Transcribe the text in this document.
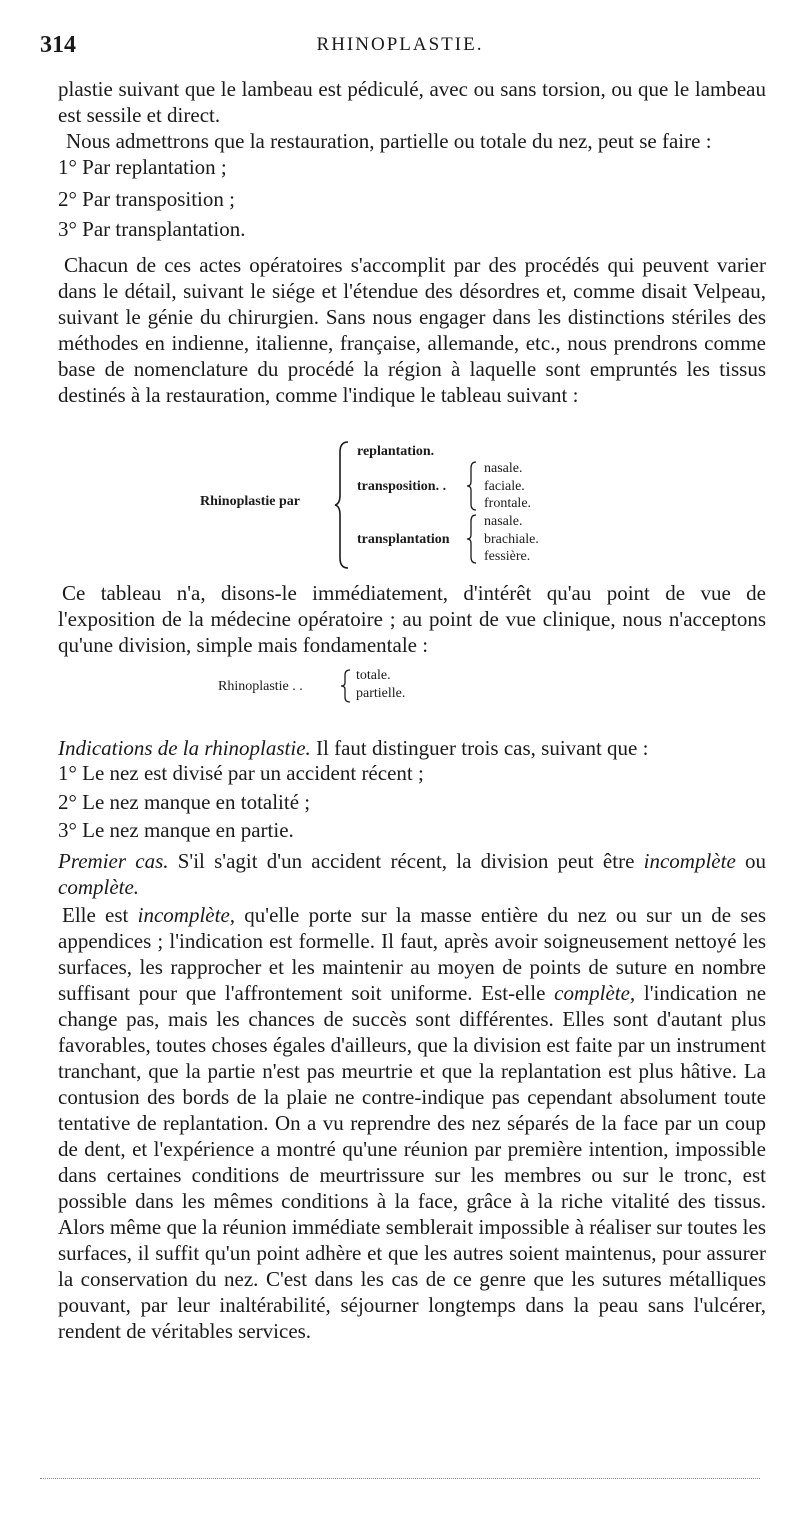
314	RHINOPLASTIE.

plastie suivant que le lambeau est pédiculé, avec ou sans torsion, ou que le lambeau est sessile et direct.

Nous admettrons que la restauration, partielle ou totale du nez, peut se faire :

1° Par replantation ;
2° Par transposition ;
3° Par transplantation.

Chacun de ces actes opératoires s'accomplit par des procédés qui peuvent varier dans le détail, suivant le siége et l'étendue des désordres et, comme disait Velpeau, suivant le génie du chirurgien. Sans nous engager dans les distinctions stériles des méthodes en indienne, italienne, française, allemande, etc., nous prendrons comme base de nomenclature du procédé la région à laquelle sont empruntés les tissus destinés à la restauration, comme l'indique le tableau suivant :

Rhinoplastie par
replantation.
transposition. .
nasale.
faciale.
frontale.
transplantation
nasale.
brachiale.
fessière.

Ce tableau n'a, disons-le immédiatement, d'intérêt qu'au point de vue de l'exposition de la médecine opératoire ; au point de vue clinique, nous n'acceptons qu'une division, simple mais fondamentale :

Rhinoplastie . .
totale.
partielle.

Indications de la rhinoplastie. Il faut distinguer trois cas, suivant que :

1° Le nez est divisé par un accident récent ;
2° Le nez manque en totalité ;
3° Le nez manque en partie.

Premier cas. S'il s'agit d'un accident récent, la division peut être incomplète ou complète.

Elle est incomplète, qu'elle porte sur la masse entière du nez ou sur un de ses appendices ; l'indication est formelle. Il faut, après avoir soigneusement nettoyé les surfaces, les rapprocher et les maintenir au moyen de points de suture en nombre suffisant pour que l'affrontement soit uniforme. Est-elle complète, l'indication ne change pas, mais les chances de succès sont différentes. Elles sont d'autant plus favorables, toutes choses égales d'ailleurs, que la division est faite par un instrument tranchant, que la partie n'est pas meurtrie et que la replantation est plus hâtive. La contusion des bords de la plaie ne contre-indique pas cependant absolument toute tentative de replantation. On a vu reprendre des nez séparés de la face par un coup de dent, et l'expérience a montré qu'une réunion par première intention, impossible dans certaines conditions de meurtrissure sur les membres ou sur le tronc, est possible dans les mêmes conditions à la face, grâce à la riche vitalité des tissus. Alors même que la réunion immédiate semblerait impossible à réaliser sur toutes les surfaces, il suffit qu'un point adhère et que les autres soient maintenus, pour assurer la conservation du nez. C'est dans les cas de ce genre que les sutures métalliques pouvant, par leur inaltérabilité, séjourner longtemps dans la peau sans l'ulcérer, rendent de véritables services.
